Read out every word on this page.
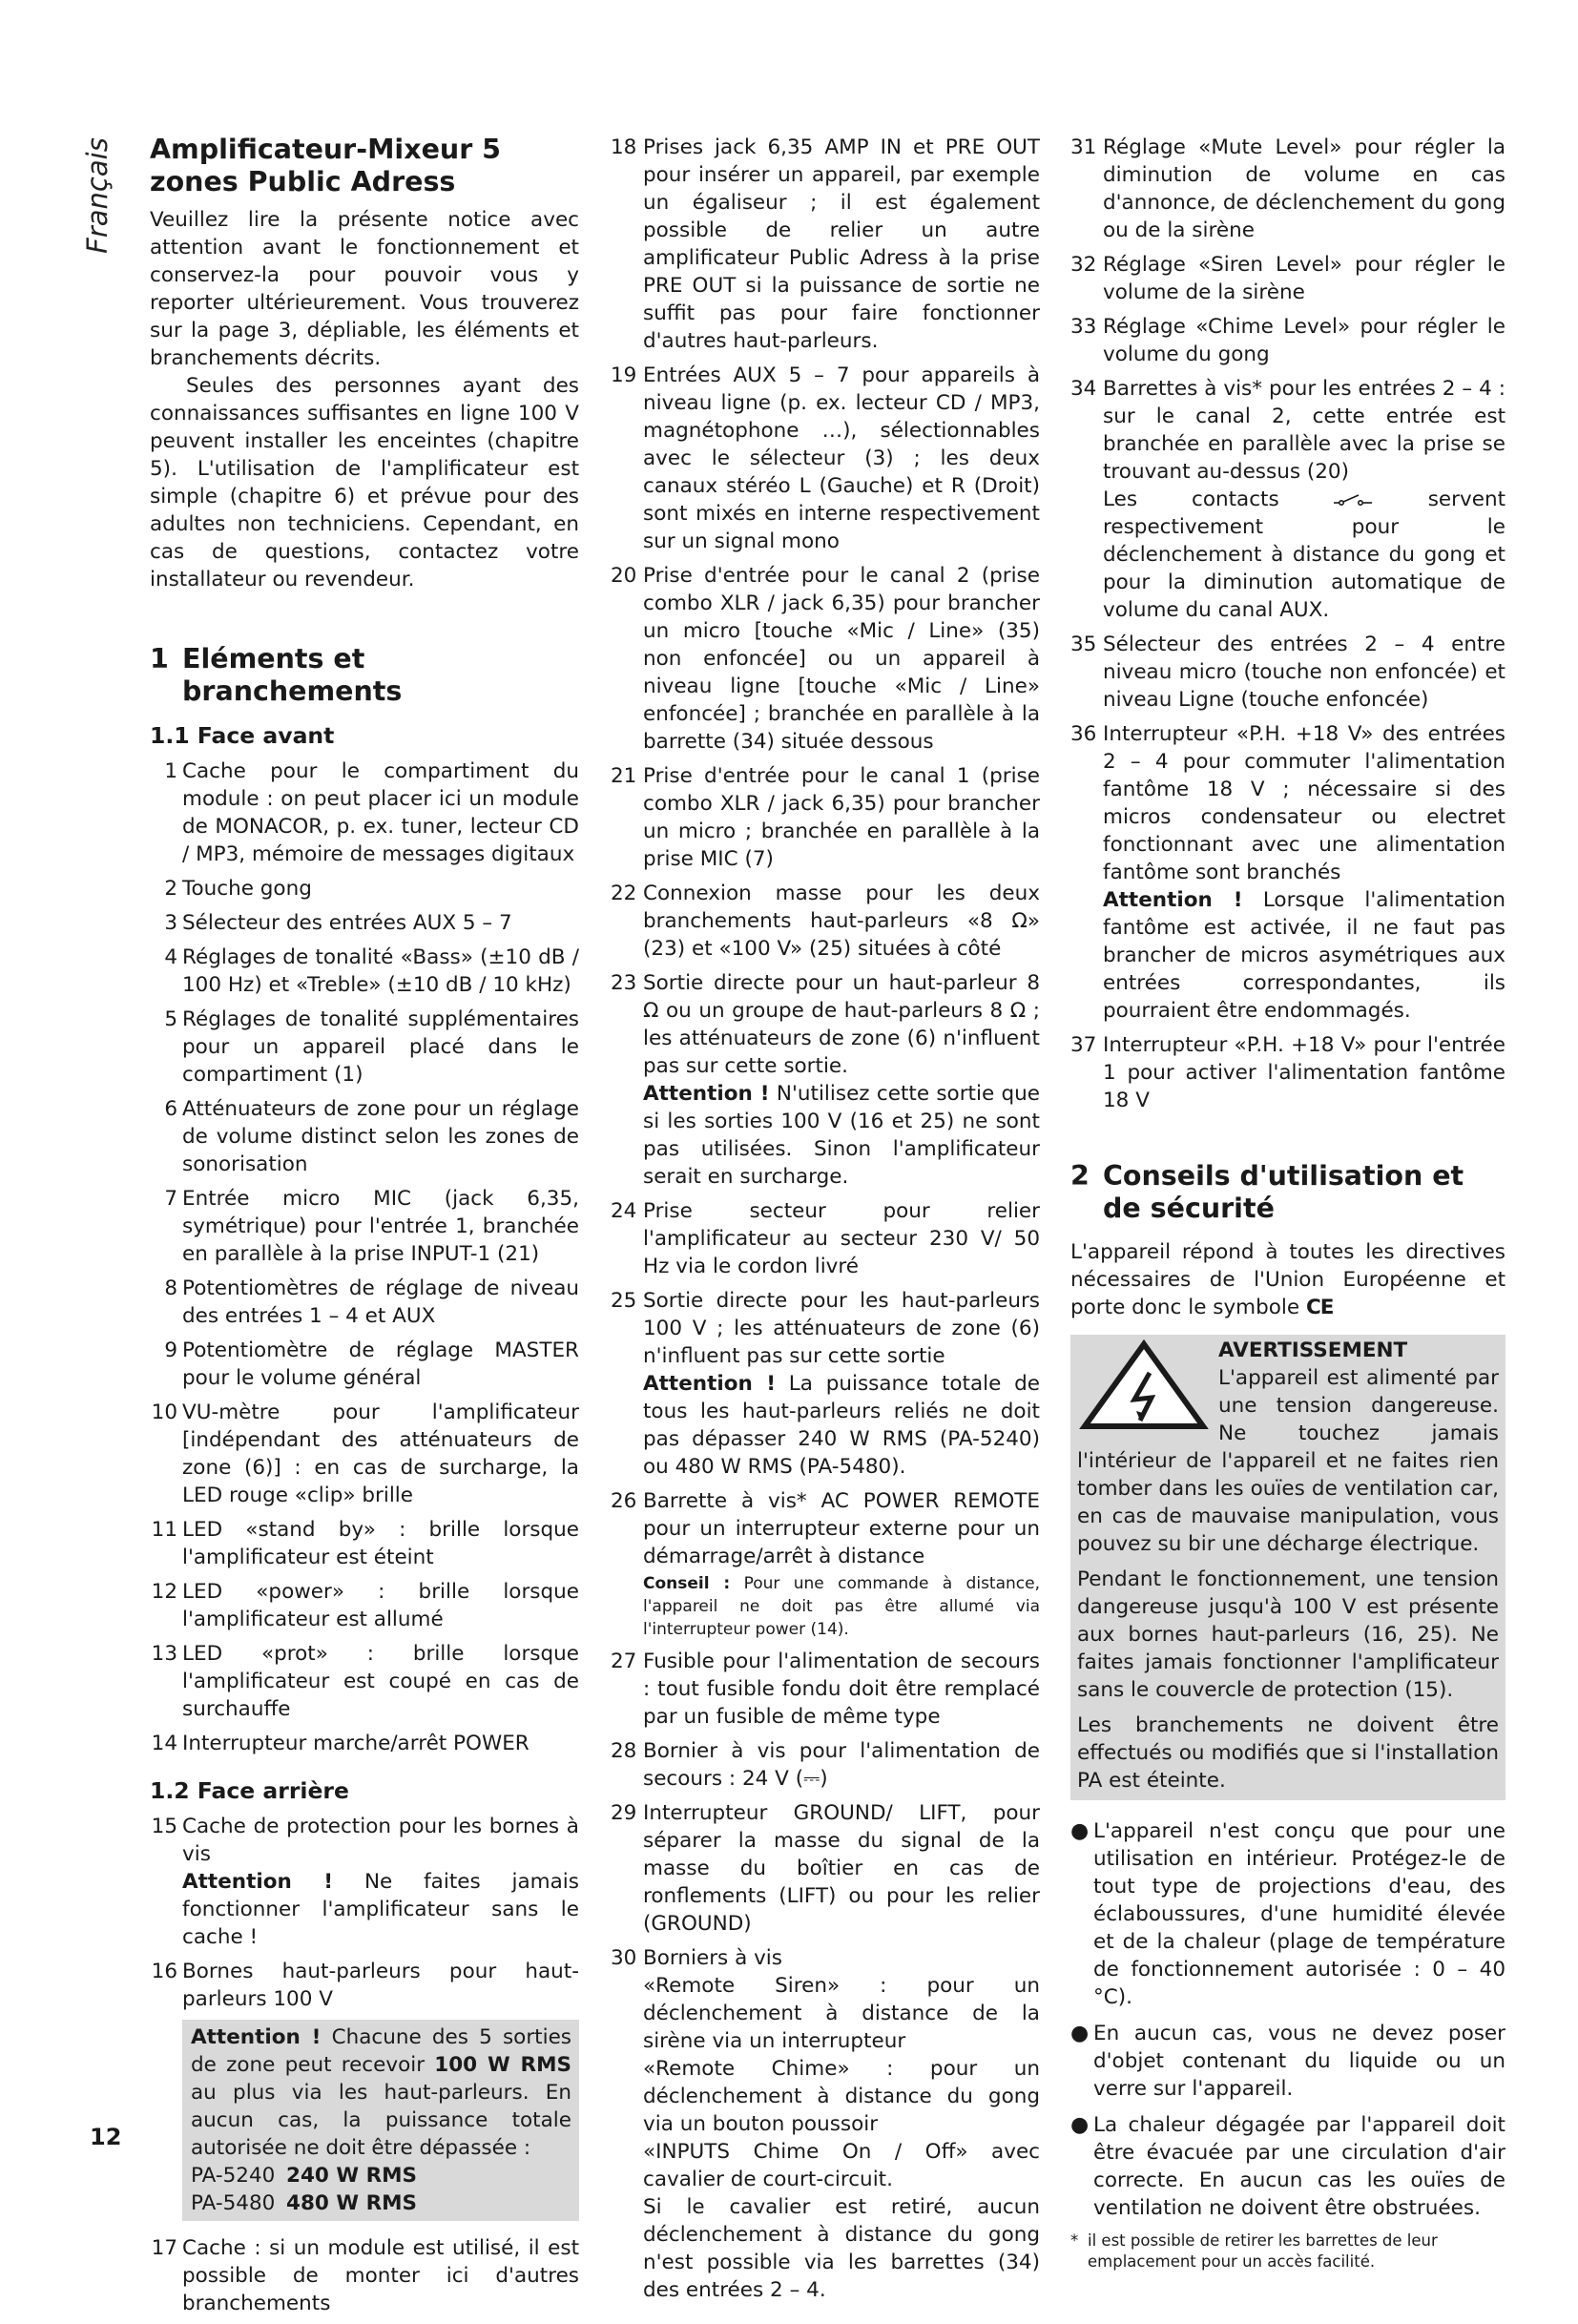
Français Amplificateur-Mixeur 5 zones Public Adress

Veuillez lire la présente notice avec attention avant le fonctionnement et conservez-la pour pouvoir vous y reporter ultérieurement. Vous trouverez sur la page 3, dépliable, les éléments et branchements décrits.

Seules des personnes ayant des connaissances suffisantes en ligne 100 V peuvent installer les enceintes (chapitre 5). L'utilisation de l'amplificateur est simple (chapitre 6) et prévue pour des adultes non techniciens. Cependant, en cas de questions, contactez votre installateur ou revendeur.

1 Eléments et branchements
1.1 Face avant
1 Cache pour le compartiment du module : on peut placer ici un module de MONACOR, p. ex. tuner, lecteur CD / MP3, mémoire de messages digitaux
2 Touche gong
3 Sélecteur des entrées AUX 5 – 7
4 Réglages de tonalité «Bass» (±10 dB / 100 Hz) et «Treble» (±10 dB / 10 kHz)
5 Réglages de tonalité supplémentaires pour un appareil placé dans le compartiment (1)
6 Atténuateurs de zone pour un réglage de volume distinct selon les zones de sonorisation
7 Entrée micro MIC (jack 6,35, symétrique) pour l'entrée 1, branchée en parallèle à la prise INPUT-1 (21)
8 Potentiomètres de réglage de niveau des entrées 1 – 4 et AUX
9 Potentiomètre de réglage MASTER pour le volume général
10 VU-mètre pour l'amplificateur [indépendant des atténuateurs de zone (6)] : en cas de surcharge, la LED rouge «clip» brille
11 LED «stand by» : brille lorsque l'amplificateur est éteint
12 LED «power» : brille lorsque l'amplificateur est allumé
13 LED «prot» : brille lorsque l'amplificateur est coupé en cas de surchauffe
14 Interrupteur marche/arrêt POWER
1.2 Face arrière
15 Cache de protection pour les bornes à vis
Attention ! Ne faites jamais fonctionner l'amplificateur sans le cache !
16 Bornes haut-parleurs pour haut-parleurs 100 V

Attention ! Chacune des 5 sorties de zone peut recevoir 100 W RMS au plus via les haut-parleurs. En aucun cas, la puissance totale autorisée ne doit être dépassée :

PA-5240 240 W RMS
PA-5480 480 W RMS
17 Cache : si un module est utilisé, il est possible de monter ici d'autres branchements
18 Prises jack 6,35 AMP IN et PRE OUT pour insérer un appareil, par exemple un égaliseur ; il est également possible de relier un autre amplificateur Public Adress à la prise PRE OUT si la puissance de sortie ne suffit pas pour faire fonctionner d'autres haut-parleurs.
19 Entrées AUX 5 – 7 pour appareils à niveau ligne (p. ex. lecteur CD / MP3, magnétophone …), sélectionnables avec le sélecteur (3) ; les deux canaux stéréo L (Gauche) et R (Droit) sont mixés en interne respectivement sur un signal mono
20 Prise d'entrée pour le canal 2 (prise combo XLR / jack 6,35) pour brancher un micro [touche «Mic / Line» (35) non enfoncée] ou un appareil à niveau ligne [touche «Mic / Line» enfoncée] ; branchée en parallèle à la barrette (34) située dessous
21 Prise d'entrée pour le canal 1 (prise combo XLR / jack 6,35) pour brancher un micro ; branchée en parallèle à la prise MIC (7)
22 Connexion masse pour les deux branchements haut-parleurs «8 Ω» (23) et «100 V» (25) situées à côté
23 Sortie directe pour un haut-parleur 8 Ω ou un groupe de haut-parleurs 8 Ω ; les atténuateurs de zone (6) n'influent pas sur cette sortie.
Attention ! N'utilisez cette sortie que si les sorties 100 V (16 et 25) ne sont pas utilisées. Sinon l'amplificateur serait en surcharge.
24 Prise secteur pour relier l'amplificateur au secteur 230 V/ 50 Hz via le cordon livré
25 Sortie directe pour les haut-parleurs 100 V ; les atténuateurs de zone (6) n'influent pas sur cette sortie
Attention ! La puissance totale de tous les haut-parleurs reliés ne doit pas dépasser 240 W RMS (PA-5240) ou 480 W RMS (PA-5480).
26 Barrette à vis* AC POWER REMOTE pour un interrupteur externe pour un démarrage/arrêt à distance
Conseil : Pour une commande à distance, l'appareil ne doit pas être allumé via l'interrupteur power (14).
27 Fusible pour l'alimentation de secours : tout fusible fondu doit être remplacé par un fusible de même type
28 Bornier à vis pour l'alimentation de secours : 24 V (⎓)
29 Interrupteur GROUND/ LIFT, pour séparer la masse du signal de la masse du boîtier en cas de ronflements (LIFT) ou pour les relier (GROUND)
30 Borniers à vis

«Remote Siren» : pour un déclenchement à distance de la sirène via un interrupteur

«Remote Chime» : pour un déclenchement à distance du gong via un bouton poussoir

«INPUTS Chime On / Off» avec cavalier de court-circuit.

Si le cavalier est retiré, aucun déclenchement à distance du gong n'est possible via les barrettes (34) des entrées 2 – 4.

31 Réglage «Mute Level» pour régler la diminution de volume en cas d'annonce, de déclenchement du gong ou de la sirène
32 Réglage «Siren Level» pour régler le volume de la sirène
33 Réglage «Chime Level» pour régler le volume du gong
34 Barrettes à vis* pour les entrées 2 – 4 : sur le canal 2, cette entrée est branchée en parallèle avec la prise se trouvant au-dessus (20)

Les contacts	servent respectivement pour le déclenchement à distance du gong et pour la diminution automatique de volume du canal AUX.

35 Sélecteur des entrées 2 – 4 entre niveau micro (touche non enfoncée) et niveau Ligne (touche enfoncée)
36 Interrupteur «P.H. +18 V» des entrées 2 – 4 pour commuter l'alimentation fantôme 18 V ; nécessaire si des micros condensateur ou electret fonctionnant avec une alimentation fantôme sont branchés
Attention ! Lorsque l'alimentation fantôme est activée, il ne faut pas brancher de micros asymétriques aux entrées correspondantes, ils pourraient être endommagés.
37 Interrupteur «P.H. +18 V» pour l'entrée 1 pour activer l'alimentation fantôme 18 V
2 Conseils d'utilisation et de sécurité

L'appareil répond à toutes les directives nécessaires de l'Union Européenne et porte donc le symbole CE

AVERTISSEMENT L'appareil est alimenté par une tension dangereuse. Ne touchez jamais l'intérieur de l'appareil et ne faites rien tomber dans les ouïes de ventilation car, en cas de mauvaise manipulation, vous pouvez su bir une décharge électrique.

Pendant le fonctionnement, une tension dangereuse jusqu'à 100 V est présente aux bornes haut-parleurs (16, 25). Ne faites jamais fonctionner l'amplificateur sans le couvercle de protection (15).

Les branchements ne doivent être effectués ou modifiés que si l'installation PA est éteinte.

● L'appareil n'est conçu que pour une utilisation en intérieur. Protégez-le de tout type de projections d'eau, des éclaboussures, d'une humidité élevée et de la chaleur (plage de température de fonctionnement autorisée : 0 – 40 °C).
● En aucun cas, vous ne devez poser d'objet contenant du liquide ou un verre sur l'appareil.
● La chaleur dégagée par l'appareil doit être évacuée par une circulation d'air correcte. En aucun cas les ouïes de ventilation ne doivent être obstruées.
* il est possible de retirer les barrettes de leur emplacement pour un accès facilité.
12
